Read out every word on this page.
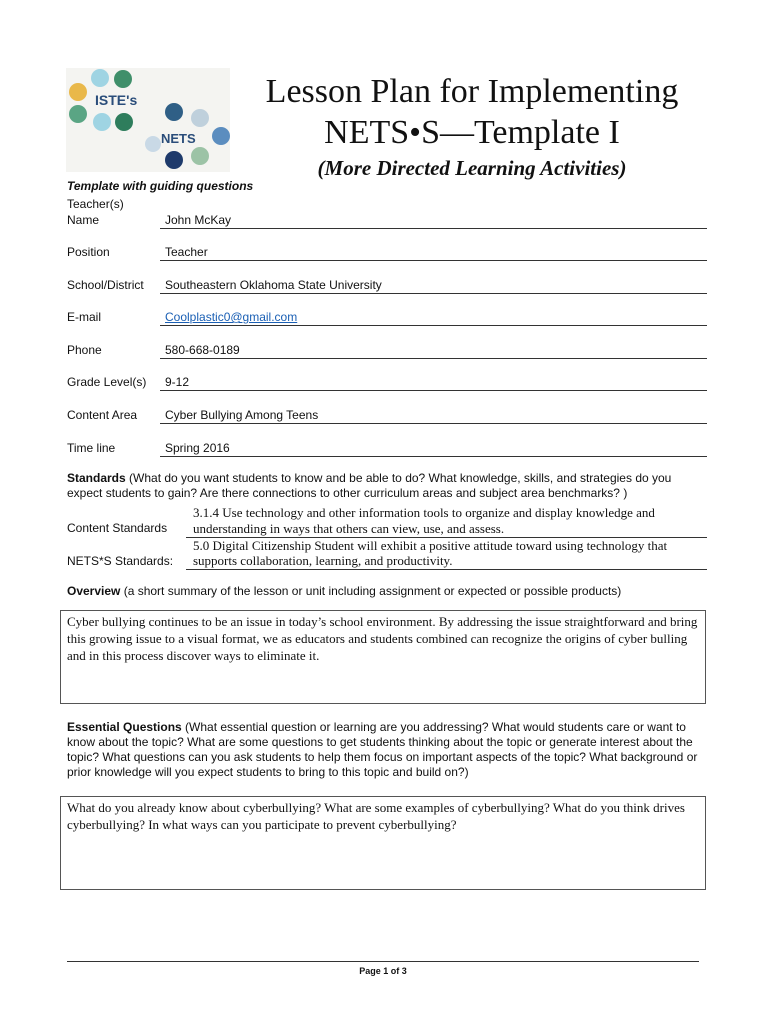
ISTE's
NETS
Lesson Plan for Implementing
NETS•S—Template I
(More Directed Learning Activities)
Template with guiding questions
Teacher(s)
Name	John McKay
Position	Teacher
School/District Southeastern Oklahoma State University
E-mail	Coolplastic0@gmail.com
Phone	580-668-0189
Grade Level(s) 9-12
Content Area Cyber Bullying Among Teens
Time line	Spring 2016
Standards (What do you want students to know and be able to do? What knowledge, skills, and strategies do you expect students to gain? Are there connections to other curriculum areas and subject area benchmarks? )
Content Standards
3.1.4 Use technology and other information tools to organize and display knowledge and understanding in ways that others can view, use, and assess.
NETS*S Standards:
5.0 Digital Citizenship Student will exhibit a positive attitude toward using technology that supports collaboration, learning, and productivity.
Overview (a short summary of the lesson or unit including assignment or expected or possible products)
Cyber bullying continues to be an issue in today’s school environment. By addressing the issue straightforward and bring this growing issue to a visual format, we as educators and students combined can recognize the origins of cyber bulling and in this process discover ways to eliminate it.
Essential Questions (What essential question or learning are you addressing? What would students care or want to know about the topic? What are some questions to get students thinking about the topic or generate interest about the topic? What questions can you ask students to help them focus on important aspects of the topic? What background or prior knowledge will you expect students to bring to this topic and build on?)
What do you already know about cyberbullying? What are some examples of cyberbullying? What do you think drives cyberbullying? In what ways can you participate to prevent cyberbullying?
Page 1 of 3
